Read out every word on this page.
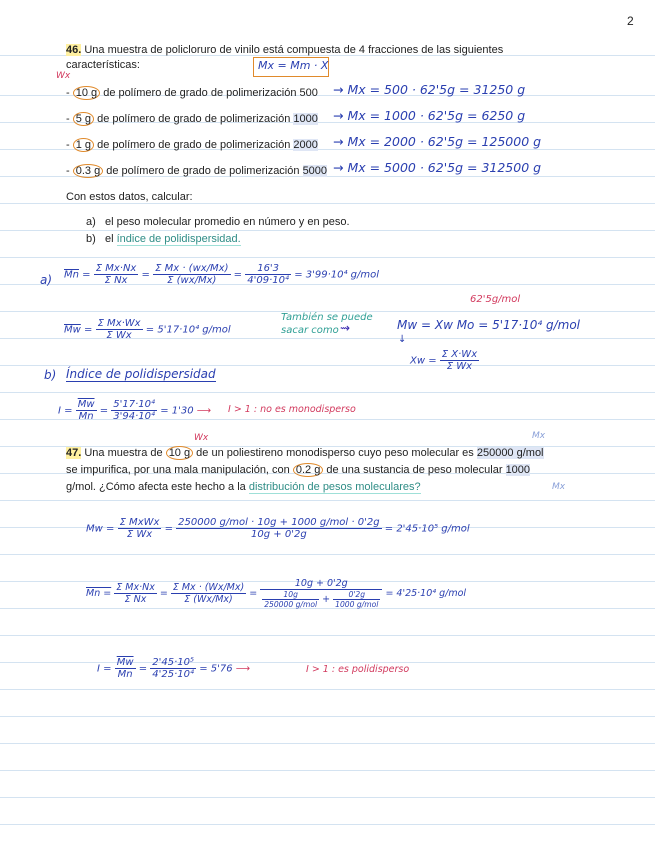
2
46. Una muestra de policloruro de vinilo está compuesta de 4 fracciones de las siguientes
características:
Wx
Mx = Mm · X
- 10 g de polímero de grado de polimerización 500 → Mx = 500 · 62'5g = 31250 g
- 5 g de polímero de grado de polimerización 1000 → Mx = 1000 · 62'5g = 6250 g
- 1 g de polímero de grado de polimerización 2000 → Mx = 2000 · 62'5g = 125000 g
- 0.3 g de polímero de grado de polimerización 5000 → Mx = 5000 · 62'5g = 312500 g
Con estos datos, calcular:
a) el peso molecular promedio en número y en peso.
b) el índice de polidispersidad.
a) $\overline{Mn} = \frac{\text{Σ Mx·Nx}}{\text{Σ Nx}} = \frac{\text{Σ Mx · (wx/Mx)}}{\Sigma (wx/Mx)} = \frac{16'3}{\text{4'09·10⁴}} = 3'99\cdot 10^4$ g/mol
$\overline{Mw} = \frac{\text{Σ Mx·Wx}}{\text{Σ Wx}} = 5'17\cdot 10^4$ g/mol
También se puede
sacar como ⇝
62'5g/mol
Mw = Xw Mo = 5'17·10⁴ g/mol
↓
$Xw = \frac{\text{Σ X·Wx}}{\text{Σ Wx}}$
b) Índice de polidispersidad
$I = \frac{\overline{Mw}}{Mn} = \frac{\text{5'17·10⁴}}{\text{3'94·10⁴}} = 1'30$ ⟶ I > 1 : no es monodisperso
47. Una muestra de 10 g de un poliestireno monodisperso cuyo peso molecular es 250000 g/mol
Wx	Mx
se impurifica, por una mala manipulación, con 0.2 g de una sustancia de peso molecular 1000
g/mol. ¿Cómo afecta este hecho a la distribución de pesos moleculares?	Mx
$Mw = \frac{\text{Σ MxWx}}{\text{Σ Wx}} = \frac{\text{250000 g/mol · 10g + 1000 g/mol · 0'2g}}{10g + 0'2g} = 2'45\cdot 10^5$ g/mol
$Mn = \frac{\text{Σ Mx·Nx}}{\text{Σ Nx}} = \frac{\text{Σ Mx · (Wx/Mx)}}{\Sigma (Wx/Mx)} = \frac{10g + 0'2g}{\frac{10g}{\text{250000 g/mol}} + \frac{0'2g}{\text{1000 g/mol}}} = 4'25\cdot 10^4$ g/mol
$I = \frac{\overline{Mw}}{Mn} = \frac{\text{2'45·10⁵}}{\text{4'25·10⁴}} = 5'76$ ⟶	I > 1 : es polidisperso
